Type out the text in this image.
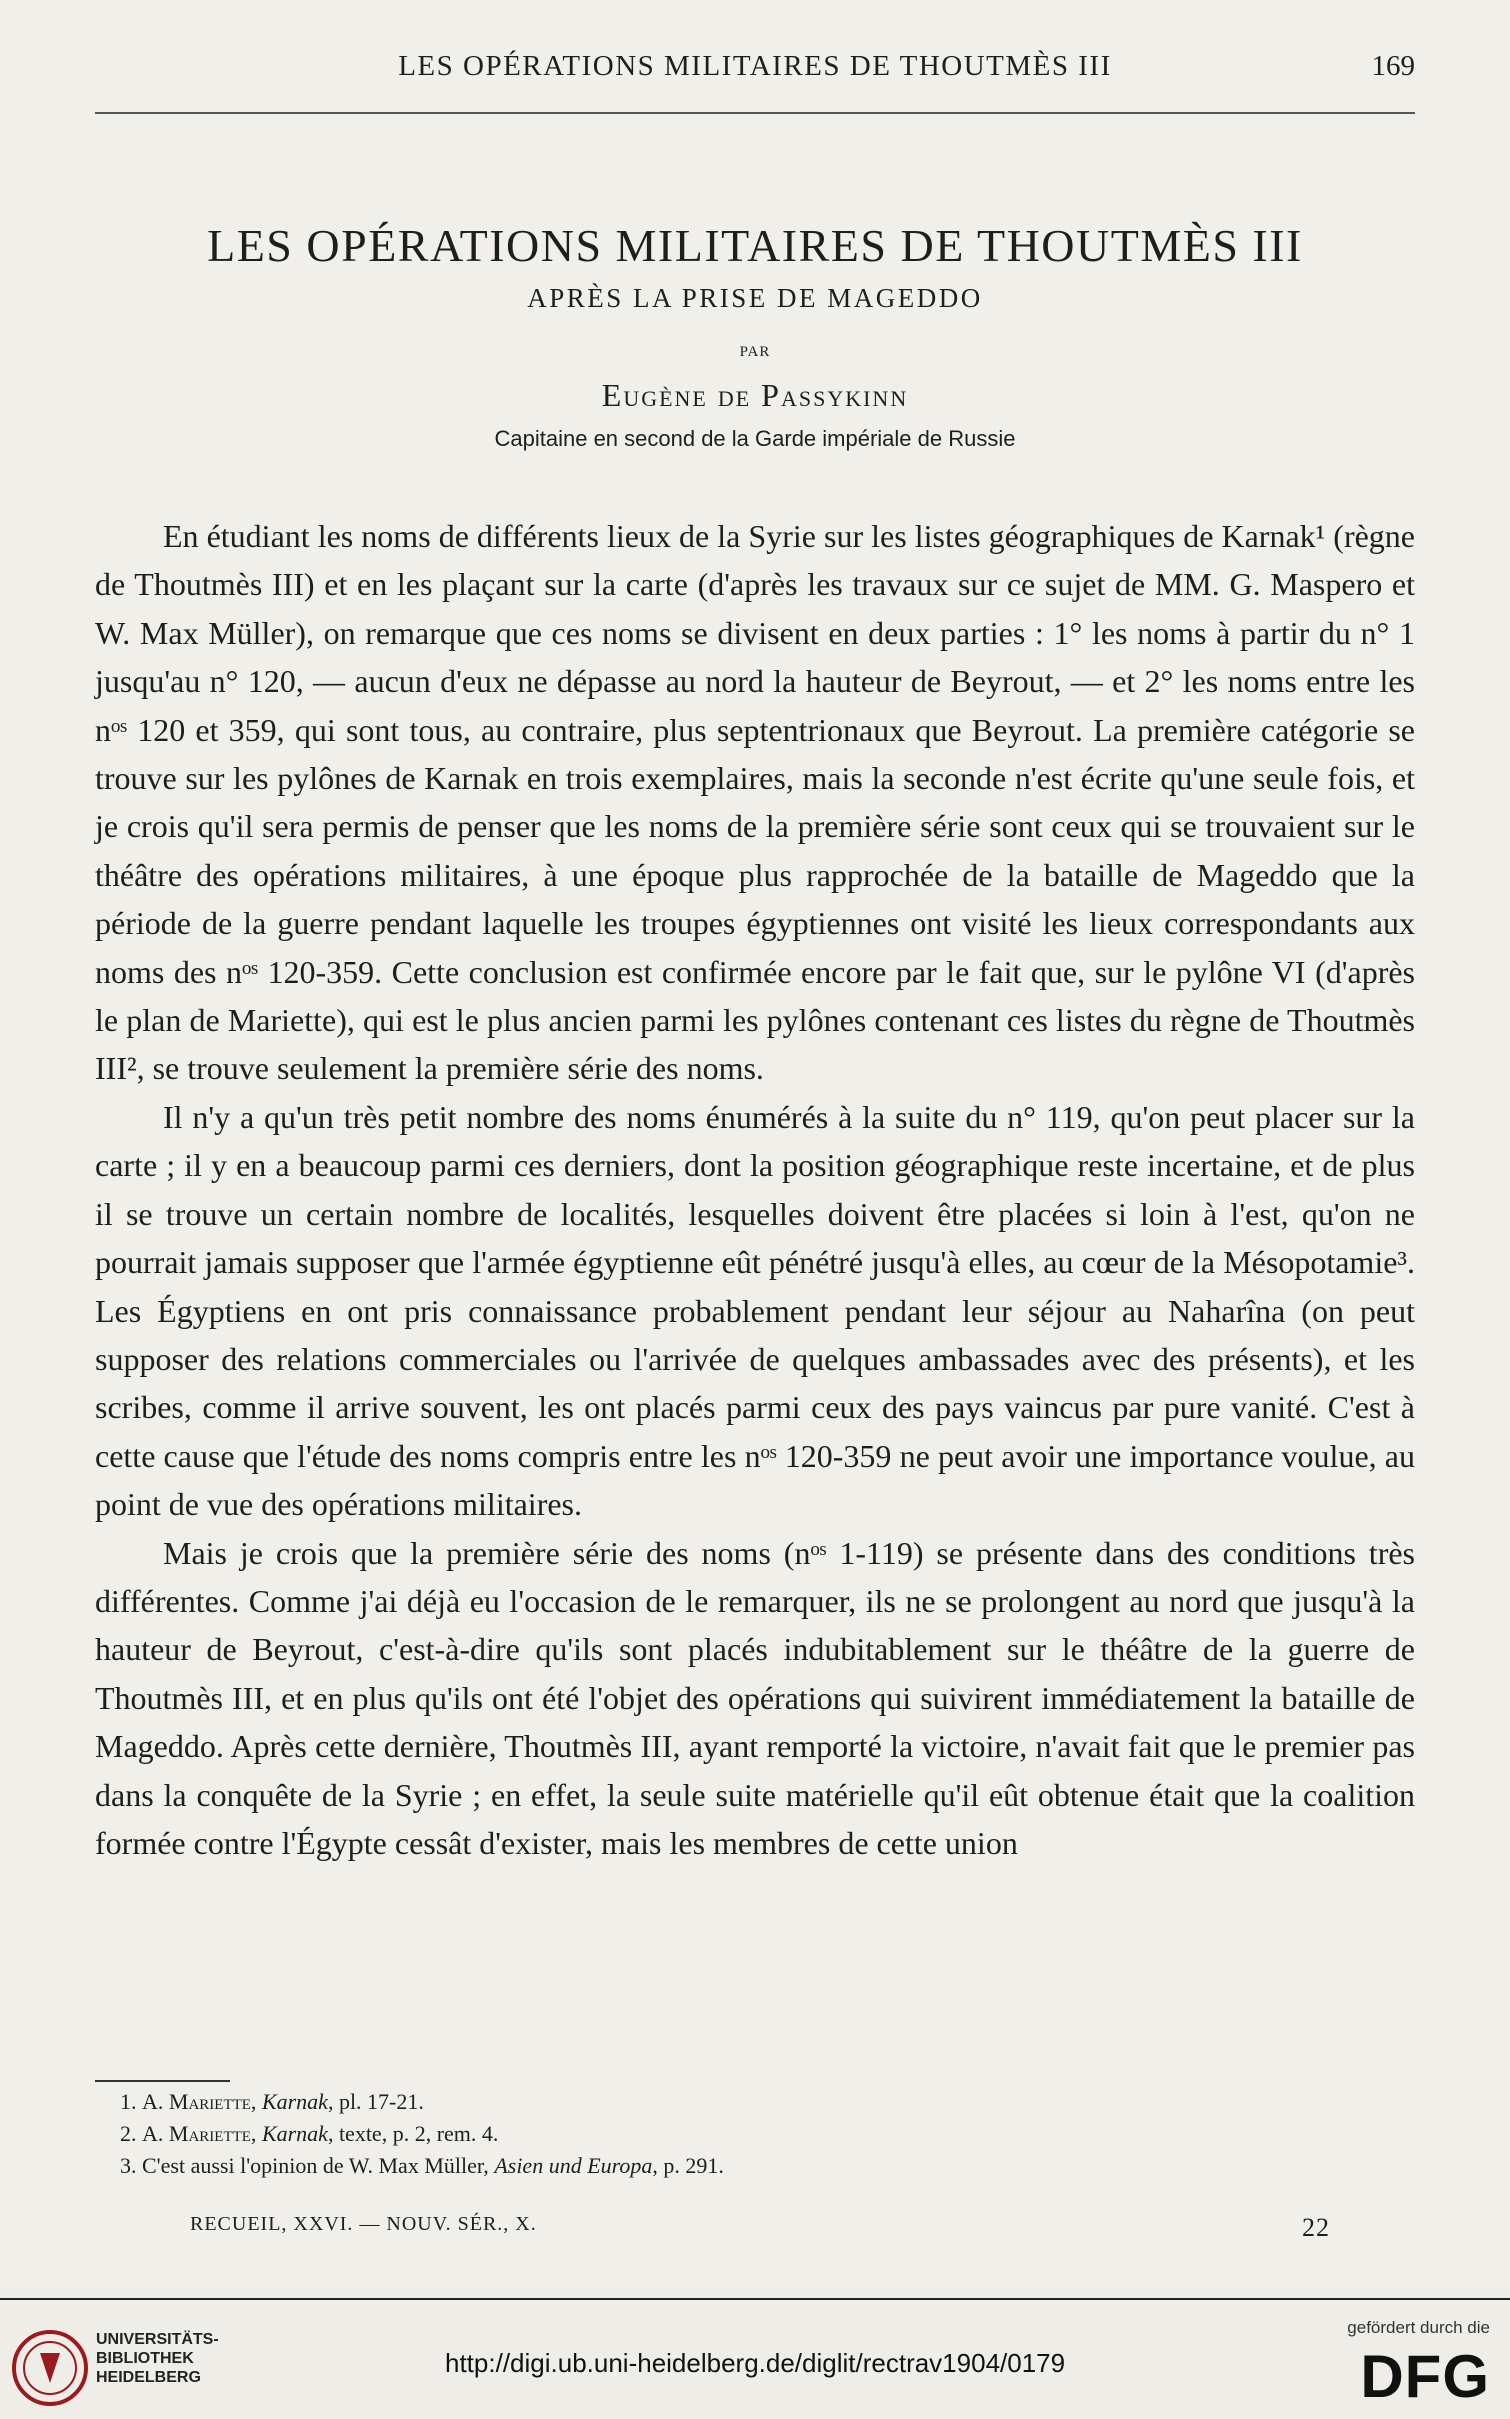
LES OPÉRATIONS MILITAIRES DE THOUTMÈS III	169
LES OPÉRATIONS MILITAIRES DE THOUTMÈS III
APRÈS LA PRISE DE MAGEDDO
PAR
Eugène de Passykinn
Capitaine en second de la Garde impériale de Russie

En étudiant les noms de différents lieux de la Syrie sur les listes géographiques de Karnak¹ (règne de Thoutmès III) et en les plaçant sur la carte (d'après les travaux sur ce sujet de MM. G. Maspero et W. Max Müller), on remarque que ces noms se divisent en deux parties : 1° les noms à partir du n° 1 jusqu'au n° 120, — aucun d'eux ne dépasse au nord la hauteur de Beyrout, — et 2° les noms entre les nᵒˢ 120 et 359, qui sont tous, au contraire, plus septentrionaux que Beyrout. La première catégorie se trouve sur les pylônes de Karnak en trois exemplaires, mais la seconde n'est écrite qu'une seule fois, et je crois qu'il sera permis de penser que les noms de la première série sont ceux qui se trouvaient sur le théâtre des opérations militaires, à une époque plus rapprochée de la bataille de Mageddo que la période de la guerre pendant laquelle les troupes égyptiennes ont visité les lieux correspondants aux noms des nᵒˢ 120-359. Cette conclusion est confirmée encore par le fait que, sur le pylône VI (d'après le plan de Mariette), qui est le plus ancien parmi les pylônes contenant ces listes du règne de Thoutmès III², se trouve seulement la première série des noms.

Il n'y a qu'un très petit nombre des noms énumérés à la suite du n° 119, qu'on peut placer sur la carte ; il y en a beaucoup parmi ces derniers, dont la position géographique reste incertaine, et de plus il se trouve un certain nombre de localités, lesquelles doivent être placées si loin à l'est, qu'on ne pourrait jamais supposer que l'armée égyptienne eût pénétré jusqu'à elles, au cœur de la Mésopotamie³. Les Égyptiens en ont pris connaissance probablement pendant leur séjour au Naharîna (on peut supposer des relations commerciales ou l'arrivée de quelques ambassades avec des présents), et les scribes, comme il arrive souvent, les ont placés parmi ceux des pays vaincus par pure vanité. C'est à cette cause que l'étude des noms compris entre les nᵒˢ 120-359 ne peut avoir une importance voulue, au point de vue des opérations militaires.

Mais je crois que la première série des noms (nᵒˢ 1-119) se présente dans des conditions très différentes. Comme j'ai déjà eu l'occasion de le remarquer, ils ne se prolongent au nord que jusqu'à la hauteur de Beyrout, c'est-à-dire qu'ils sont placés indubitablement sur le théâtre de la guerre de Thoutmès III, et en plus qu'ils ont été l'objet des opérations qui suivirent immédiatement la bataille de Mageddo. Après cette dernière, Thoutmès III, ayant remporté la victoire, n'avait fait que le premier pas dans la conquête de la Syrie ; en effet, la seule suite matérielle qu'il eût obtenue était que la coalition formée contre l'Égypte cessât d'exister, mais les membres de cette union

1. A. Mariette, Karnak, pl. 17-21.
2. A. Mariette, Karnak, texte, p. 2, rem. 4.
3. C'est aussi l'opinion de W. Max Müller, Asien und Europa, p. 291.
RECUEIL, XXVI. — NOUV. SÉR., X.	22
UNIVERSITÄTS-
BIBLIOTHEK
HEIDELBERG	http://digi.ub.uni-heidelberg.de/diglit/rectrav1904/0179
gefördert durch die
DFG
